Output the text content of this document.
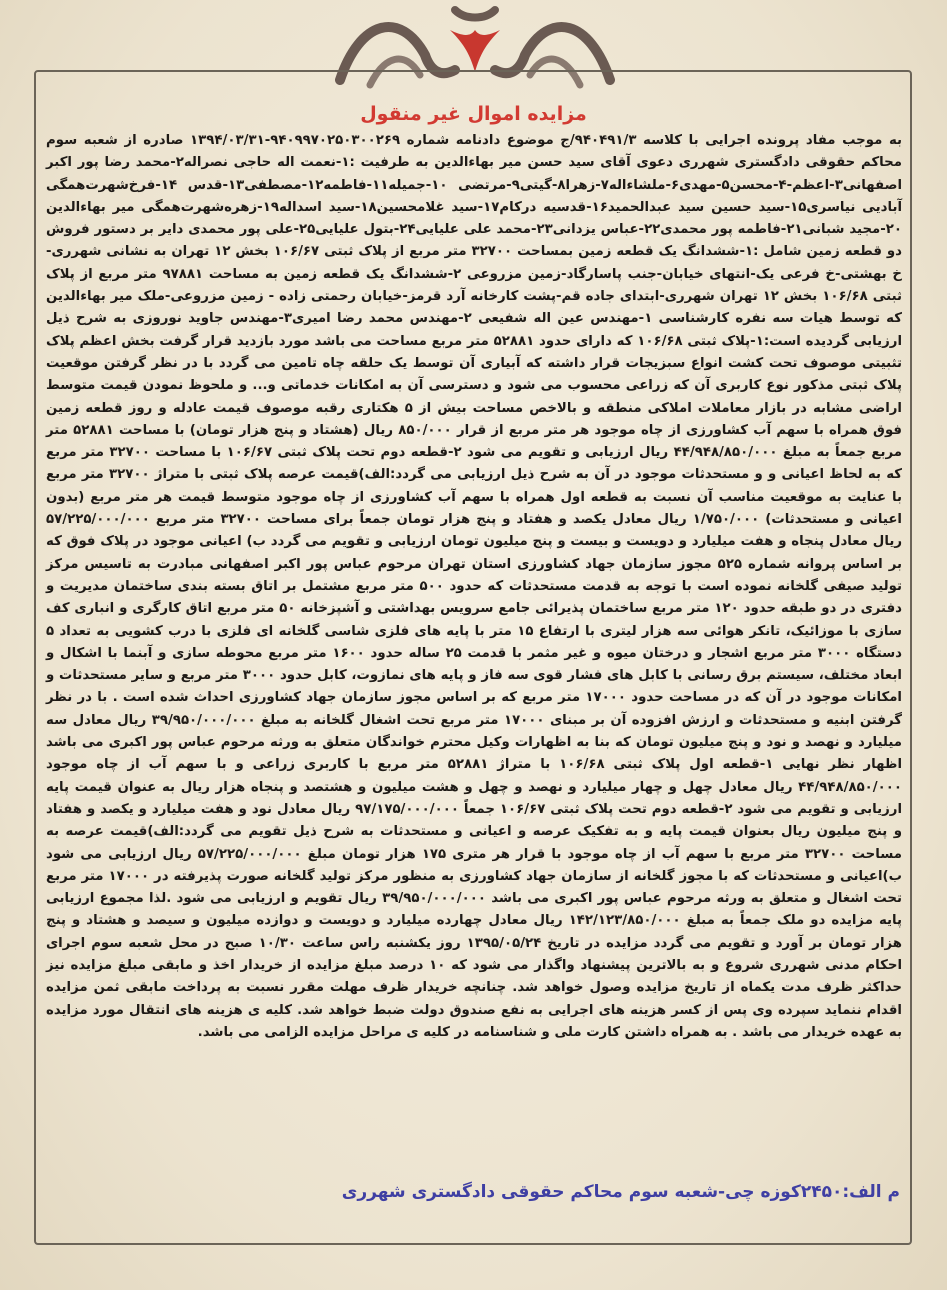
مزایده اموال غیر منقول
به موجب مفاد پرونده اجرایی با کلاسه ۹۴۰۴۹۱/۳/ج موضوع دادنامه شماره ۹۴۰۹۹۷۰۲۵۰۳۰۰۲۶۹-۱۳۹۴/۰۳/۳۱ صادره از شعبه سوم محاکم حقوقی دادگستری شهرری دعوی آقای سید حسن میر بهاءالدین به طرفیت :۱-نعمت اله حاجی نصراله۲-محمد رضا پور اکبر اصفهانی۳-اعظم-۴-محسن۵-مهدی۶-ملشاءاله۷-زهرا۸-گیتی۹-مرتضی ۱۰-جمیله۱۱-فاطمه۱۲-مصطفی۱۳-قدس ۱۴-فرخ‌شهرت‌همگی آبادیی نیاسری۱۵-سید حسین سید عبدالحمید۱۶-قدسیه درکام۱۷-سید غلامحسین۱۸-سید اسداله۱۹-زهره‌شهرت‌همگی میر بهاءالدین ۲۰-مجید شبانی۲۱-فاطمه پور محمدی۲۲-عباس یزدانی۲۳-محمد علی علیایی۲۴-بتول علیایی۲۵-علی پور محمدی دایر بر دستور فروش دو قطعه زمین شامل :۱-ششدانگ یک قطعه زمین بمساحت ۳۲۷۰۰ متر مربع از پلاک ثبتی ۱۰۶/۶۷ بخش ۱۲ تهران به نشانی شهرری-خ بهشتی-خ فرعی یک-انتهای خیابان-جنب پاسارگاد-زمین مزروعی ۲-ششدانگ یک قطعه زمین به مساحت ۹۷۸۸۱ متر مربع از پلاک ثبتی ۱۰۶/۶۸ بخش ۱۲ تهران شهرری-ابتدای جاده قم-پشت کارخانه آرد قرمز-خیابان رحمتی زاده - زمین مزروعی-ملک میر بهاءالدین که توسط هیات سه نفره کارشناسی ۱-مهندس عین اله شفیعی ۲-مهندس محمد رضا امیری۳-مهندس جاوید نوروزی به شرح ذیل ارزیابی گردیده است:۱-پلاک ثبتی ۱۰۶/۶۸ که دارای حدود ۵۲۸۸۱ متر مربع مساحت می باشد مورد بازدید قرار گرفت بخش اعظم پلاک تثبیتی موصوف تحت کشت انواع سبزیجات قرار داشته که آبیاری آن توسط یک حلقه چاه تامین می گردد با در نظر گرفتن موقعیت پلاک ثبتی مذکور نوع کاربری آن که زراعی محسوب می شود و دسترسی آن به امکانات خدماتی و... و ملحوظ نمودن قیمت متوسط اراضی مشابه در بازار معاملات املاکی منطقه و بالاخص مساحت بیش از ۵ هکتاری رقبه موصوف قیمت عادله و روز قطعه زمین فوق همراه با سهم آب کشاورزی از چاه موجود هر متر مربع از قرار ۸۵۰/۰۰۰ ریال (هشتاد و پنج هزار تومان) با مساحت ۵۲۸۸۱ متر مربع جمعاً به مبلغ ۴۴/۹۴۸/۸۵۰/۰۰۰ ریال ارزیابی و تقویم می شود ۲-قطعه دوم تحت پلاک ثبتی ۱۰۶/۶۷ با مساحت ۳۲۷۰۰ متر مربع که به لحاظ اعیانی و و مستحدثات موجود در آن به شرح ذیل ارزیابی می گردد:الف)قیمت عرصه پلاک ثبتی با متراژ ۳۲۷۰۰ متر مربع با عنایت به موقعیت مناسب آن نسبت به قطعه اول همراه با سهم آب کشاورزی از چاه موجود متوسط قیمت هر متر مربع (بدون اعیانی و مستحدثات) ۱/۷۵۰/۰۰۰ ریال معادل یکصد و هفتاد و پنج هزار تومان جمعاً برای مساحت ۳۲۷۰۰ متر مربع ۵۷/۲۲۵/۰۰۰/۰۰۰ ریال معادل پنجاه و هفت میلیارد و دویست و بیست و پنج میلیون تومان ارزیابی و تقویم می گردد ب) اعیانی موجود در پلاک فوق که بر اساس پروانه شماره ۵۲۵ مجوز سازمان جهاد کشاورزی استان تهران مرحوم عباس پور اکبر اصفهانی مبادرت به تاسیس مرکز تولید صیفی گلخانه نموده است با توجه به قدمت مستحدثات که حدود ۵۰۰ متر مربع مشتمل بر اتاق بسته بندی ساختمان مدیریت و دفتری در دو طبقه حدود ۱۲۰ متر مربع ساختمان پذیرائی جامع سرویس بهداشتی و آشپزخانه ۵۰ متر مربع اتاق کارگری و انباری کف سازی با موزائیک، تانکر هوائی سه هزار لیتری با ارتفاع ۱۵ متر با پایه های فلزی شاسی گلخانه ای فلزی با درب کشویی به تعداد ۵ دستگاه ۳۰۰۰ متر مربع اشجار و درختان میوه و غیر مثمر با قدمت ۲۵ ساله حدود ۱۶۰۰ متر مربع محوطه سازی و آبنما با اشکال و ابعاد مختلف، سیستم برق رسانی با کابل های فشار قوی سه فاز و پایه های نمازوت، کابل حدود ۳۰۰۰ متر مربع و سایر مستحدثات و امکانات موجود در آن که در مساحت حدود ۱۷۰۰۰ متر مربع که بر اساس مجوز سازمان جهاد کشاورزی احداث شده است . با در نظر گرفتن ابنیه و مستحدثات و ارزش افزوده آن بر مبنای ۱۷۰۰۰ متر مربع تحت اشغال گلخانه به مبلغ ۳۹/۹۵۰/۰۰۰/۰۰۰ ریال معادل سه میلیارد و نهصد و نود و پنج میلیون تومان که بنا به اظهارات وکیل محترم خواندگان متعلق به ورثه مرحوم عباس پور اکبری می باشد اظهار نظر نهایی ۱-قطعه اول پلاک ثبتی ۱۰۶/۶۸ با متراژ ۵۲۸۸۱ متر مربع با کاربری زراعی و با سهم آب از چاه موجود ۴۴/۹۴۸/۸۵۰/۰۰۰ ریال معادل چهل و چهار میلیارد و نهصد و چهل و هشت میلیون و هشتصد و پنجاه هزار ریال به عنوان قیمت پایه ارزیابی و تقویم می شود ۲-قطعه دوم تحت پلاک ثبتی ۱۰۶/۶۷ جمعاً ۹۷/۱۷۵/۰۰۰/۰۰۰ ریال معادل نود و هفت میلیارد و یکصد و هفتاد و پنج میلیون ریال بعنوان قیمت پایه و به تفکیک عرصه و اعیانی و مستحدثات به شرح ذیل تقویم می گردد:الف)قیمت عرصه به مساحت ۳۲۷۰۰ متر مربع با سهم آب از چاه موجود با قرار هر متری ۱۷۵ هزار تومان مبلغ ۵۷/۲۲۵/۰۰۰/۰۰۰ ریال ارزیابی می شود ب)اعیانی و مستحدثات که با مجوز گلخانه از سازمان جهاد کشاورزی به منظور مرکز تولید گلخانه صورت پذیرفته در ۱۷۰۰۰ متر مربع تحت اشغال و متعلق به ورثه مرحوم عباس پور اکبری می باشد ۳۹/۹۵۰/۰۰۰/۰۰۰ ریال تقویم و ارزیابی می شود .لذا مجموع ارزیابی پایه مزایده دو ملک جمعاً به مبلغ ۱۴۲/۱۲۳/۸۵۰/۰۰۰ ریال معادل چهارده میلیارد و دویست و دوازده میلیون و سیصد و هشتاد و پنج هزار تومان بر آورد و تقویم می گردد مزایده در تاریخ ۱۳۹۵/۰۵/۲۴ روز یکشنبه راس ساعت ۱۰/۳۰ صبح در محل شعبه سوم اجرای احکام مدنی شهرری شروع و به بالاترین پیشنهاد واگذار می شود که ۱۰ درصد مبلغ مزایده از خریدار اخذ و مابقی مبلغ مزایده نیز حداکثر ظرف مدت یکماه از تاریخ مزایده وصول خواهد شد. چنانچه خریدار ظرف مهلت مقرر نسبت به پرداخت مابقی ثمن مزایده اقدام ننماید سپرده وی پس از کسر هزینه های اجرایی به نفع صندوق دولت ضبط خواهد شد. کلیه ی هزینه های انتقال مورد مزایده به عهده خریدار می باشد . به همراه داشتن کارت ملی و شناسنامه در کلیه ی مراحل مزایده الزامی می باشد.
م الف:۲۴۵۰کوزه چی-شعبه سوم محاکم حقوقی دادگستری شهرری
